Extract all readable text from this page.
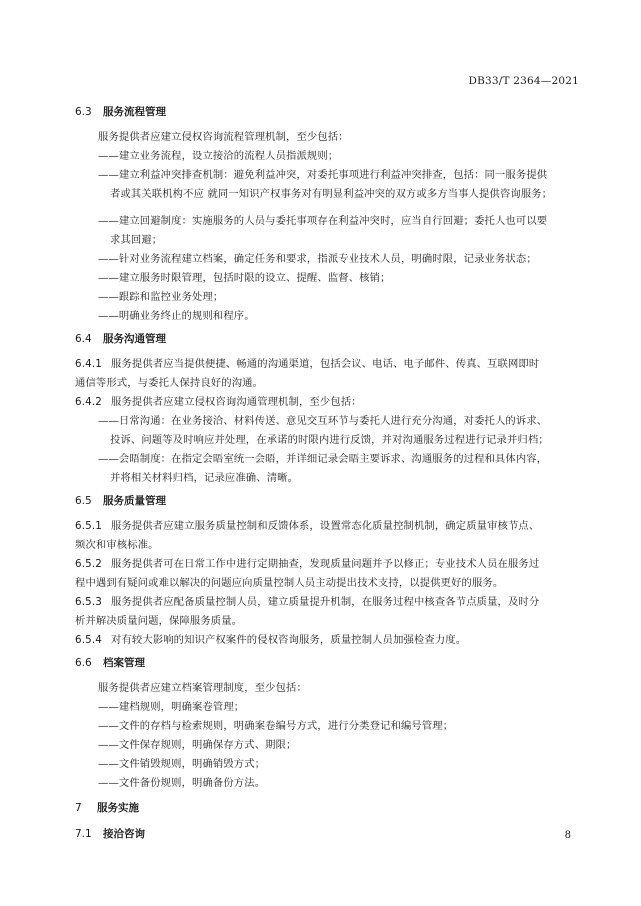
DB33/T 2364—2021
6.3 服务流程管理
服务提供者应建立侵权咨询流程管理机制，至少包括：
——建立业务流程，设立接洽的流程人员指派规则；
——建立利益冲突排查机制：避免利益冲突，对委托事项进行利益冲突排查，包括：同一服务提供
者或其关联机构不应 就同一知识产权事务对有明显利益冲突的双方或多方当事人提供咨询服务；
——建立回避制度：实施服务的人员与委托事项存在利益冲突时，应当自行回避；委托人也可以要
求其回避；
——针对业务流程建立档案，确定任务和要求，指派专业技术人员，明确时限，记录业务状态；
——建立服务时限管理，包括时限的设立、提醒、监督、核销；
——跟踪和监控业务处理；
——明确业务终止的规则和程序。
6.4 服务沟通管理
6.4.1 服务提供者应当提供便捷、畅通的沟通渠道，包括会议、电话、电子邮件、传真、互联网即时
通信等形式，与委托人保持良好的沟通。
6.4.2 服务提供者应建立侵权咨询沟通管理机制，至少包括：
——日常沟通：在业务接洽、材料传送、意见交互环节与委托人进行充分沟通，对委托人的诉求、
投诉、问题等及时响应并处理，在承诺的时限内进行反馈，并对沟通服务过程进行记录并归档；
——会晤制度：在指定会晤室统一会晤，并详细记录会晤主要诉求、沟通服务的过程和具体内容，
并将相关材料归档，记录应准确、清晰。
6.5 服务质量管理
6.5.1 服务提供者应建立服务质量控制和反馈体系，设置常态化质量控制机制，确定质量审核节点、
频次和审核标准。
6.5.2 服务提供者可在日常工作中进行定期抽查，发现质量问题并予以修正；专业技术人员在服务过
程中遇到有疑问或难以解决的问题应向质量控制人员主动提出技术支持，以提供更好的服务。
6.5.3 服务提供者应配备质量控制人员，建立质量提升机制，在服务过程中核查各节点质量，及时分
析并解决质量问题，保障服务质量。
6.5.4 对有较大影响的知识产权案件的侵权咨询服务，质量控制人员加强检查力度。
6.6 档案管理
服务提供者应建立档案管理制度，至少包括：
——建档规则，明确案卷管理；
——文件的存档与检索规则，明确案卷编号方式，进行分类登记和编号管理；
——文件保存规则，明确保存方式、期限；
——文件销毁规则，明确销毁方式；
——文件备份规则，明确备份方法。
7 服务实施
7.1 接洽咨询	8
